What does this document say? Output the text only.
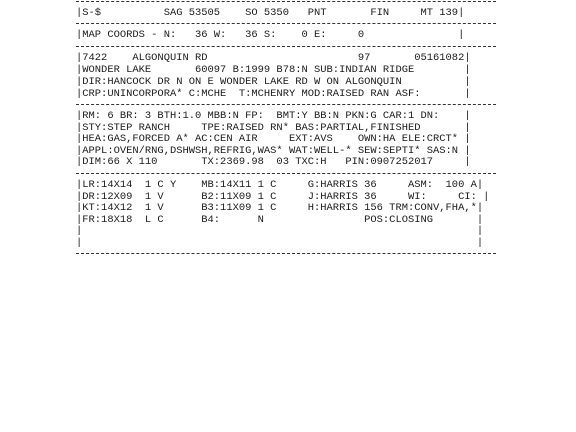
|S-$          SAG 53505    SO 5350   PNT       FIN     MT 139|
|MAP COORDS - N:   36 W:   36 S:    0 E:     0               |
|7422    ALGONQUIN RD                        97       05161082|
|WONDER LAKE       60097 B:1999 B78:N SUB:INDIAN RIDGE        |
|DIR:HANCOCK DR N ON E WONDER LAKE RD W ON ALGONQUIN          |
|CRP:UNINCORPORA* C:MCHE  T:MCHENRY MOD:RAISED RAN ASF:       |
|RM: 6 BR: 3 BTH:1.0 MBB:N FP:  BMT:Y BB:N PKN:G CAR:1 DN:    |
|STY:STEP RANCH     TPE:RAISED RN* BAS:PARTIAL,FINISHED       |
|HEA:GAS,FORCED A* AC:CEN AIR     EXT:AVS    OWN:HA ELE:CRCT* |
|APPL:OVEN/RNG,DSHWSH,REFRIG,WAS* WAT:WELL-* SEW:SEPTI* SAS:N |
|DIM:66 X 110       TX:2369.98  03 TXC:H   PIN:0907252017     |
|LR:14X14  1 C Y    MB:14X11 1 C     G:HARRIS 36     ASM:  100 A|
|DR:12X09  1 V      B2:11X09 1 C     J:HARRIS 36     WI:     CI: |
|KT:14X12  1 V      B3:11X09 1 C     H:HARRIS 156 TRM:CONV,FHA,*|
|FR:18X18  L C      B4:      N                POS:CLOSING       |
|                                                               |
|                                                               |
